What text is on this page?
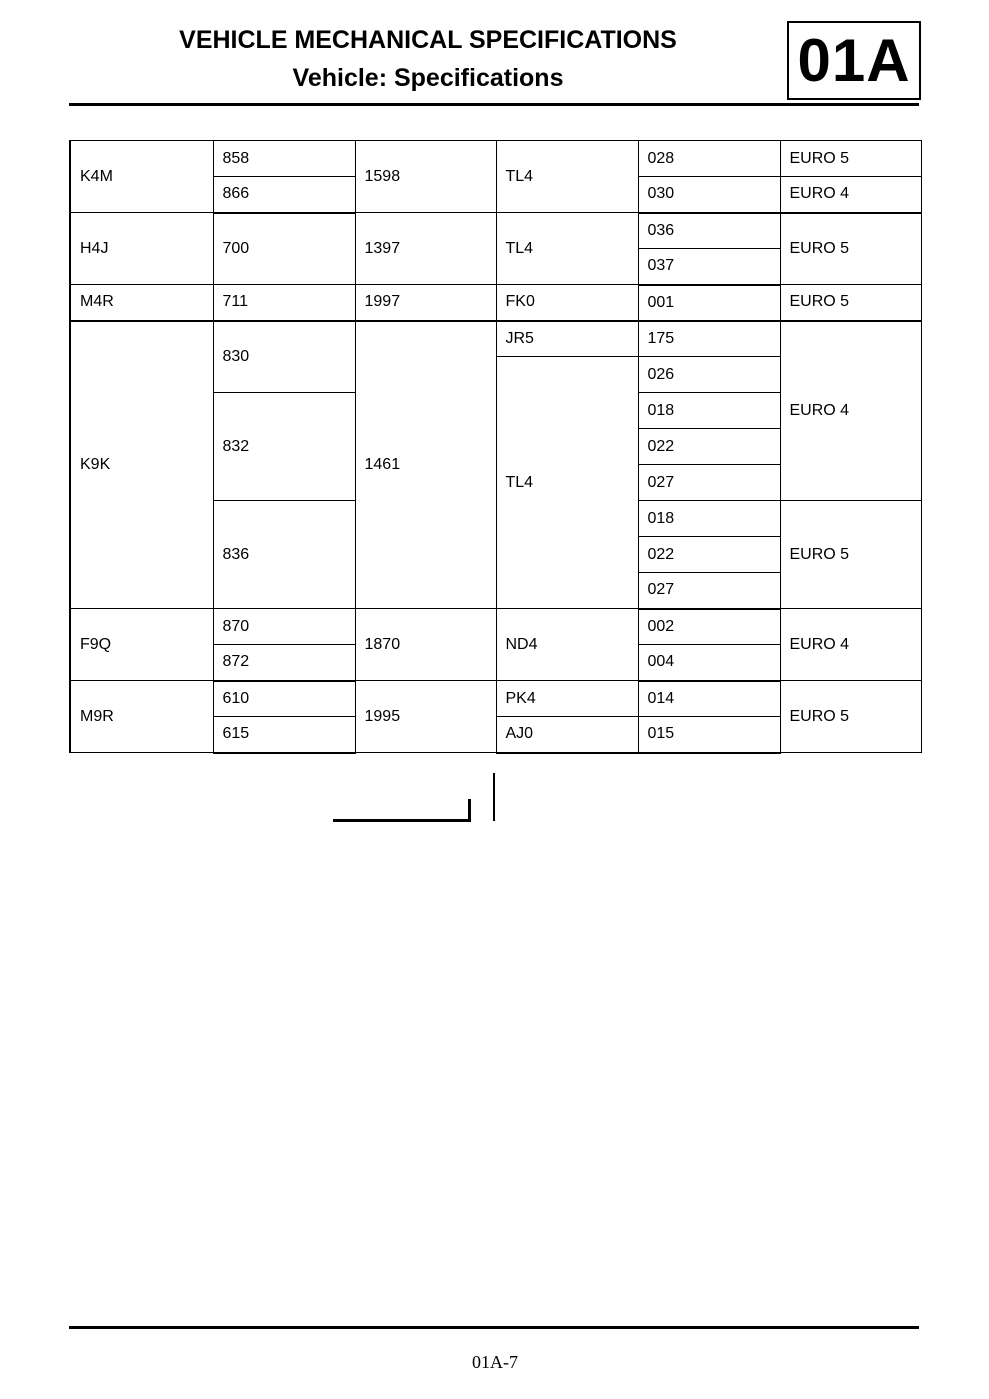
VEHICLE MECHANICAL SPECIFICATIONS
Vehicle: Specifications	01A
K4M	858	1598	TL4	028	EURO 5
	866			030	EURO 4
H4J	700	1397	TL4	036	EURO 5
				037	
M4R	711	1997	FK0	001	EURO 5
K9K	830	1461	JR5	175	EURO 4
			TL4	026	
	832			018	
				022	
				027	
	836			018	EURO 5
				022	
				027	
F9Q	870	1870	ND4	002	EURO 4
	872			004	
M9R	610	1995	PK4	014	EURO 5
	615		AJ0	015	
01A-7
